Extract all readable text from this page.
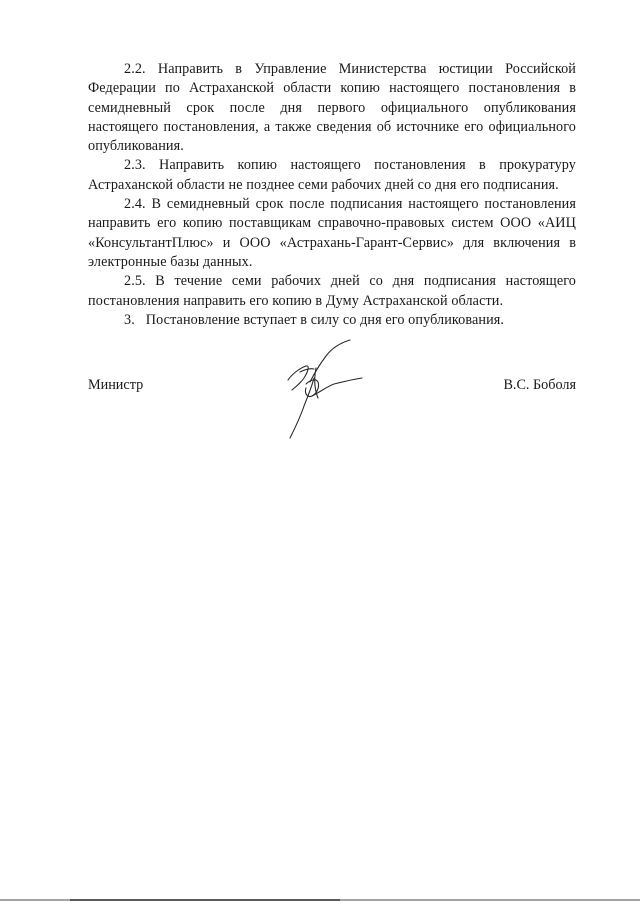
2.2. Направить в Управление Министерства юстиции Российской Федерации по Астраханской области копию настоящего постановления в семидневный срок после дня первого официального опубликования настоящего постановления, а также сведения об источнике его официального опубликования.

2.3. Направить копию настоящего постановления в прокуратуру Астраханской области не позднее семи рабочих дней со дня его подписания.

2.4. В семидневный срок после подписания настоящего постановления направить его копию поставщикам справочно-правовых систем ООО «АИЦ «КонсультантПлюс» и ООО «Астрахань-Гарант-Сервис» для включения в электронные базы данных.

2.5. В течение семи рабочих дней со дня подписания настоящего постановления направить его копию в Думу Астраханской области.

3.   Постановление вступает в силу со дня его опубликования.

Министр	В.С. Боболя
